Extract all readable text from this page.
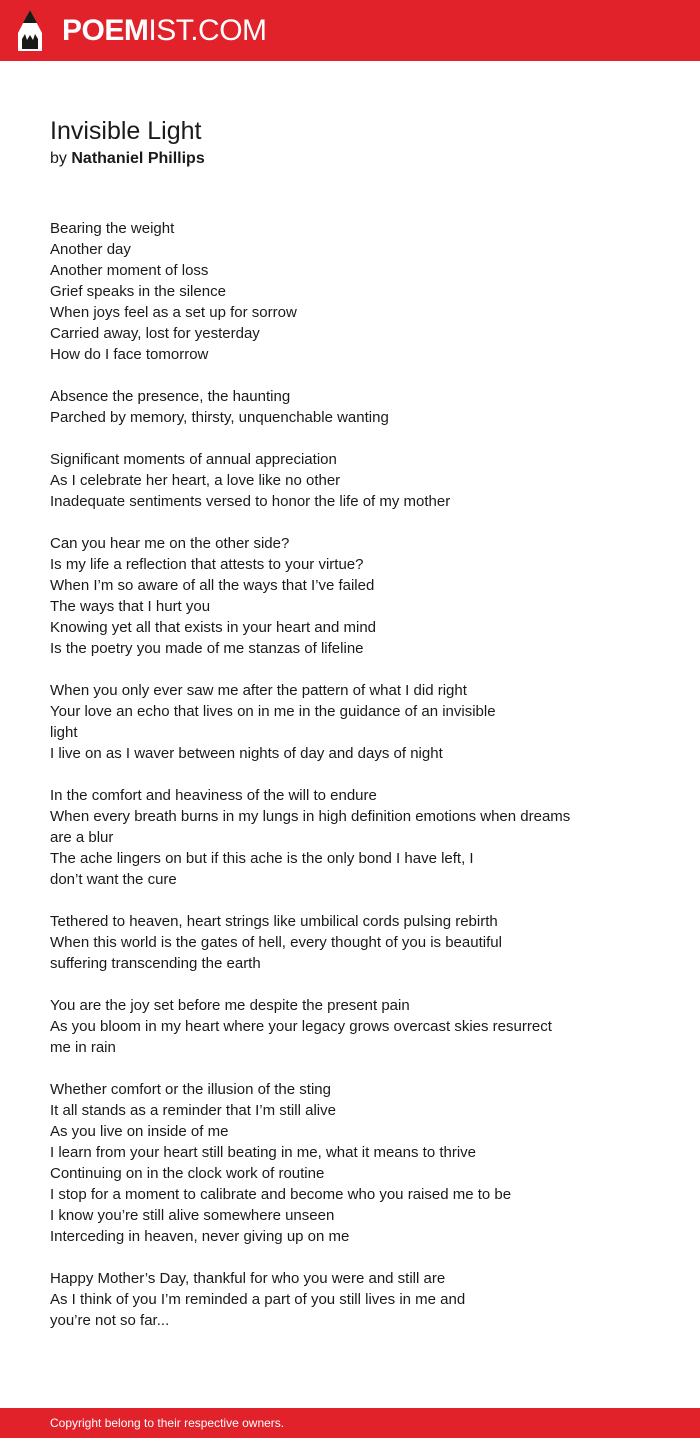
POEMIST.COM
Invisible Light
by Nathaniel Phillips
Bearing the weight
Another day
Another moment of loss
Grief speaks in the silence
When joys feel as a set up for sorrow
Carried away, lost for yesterday
How do I face tomorrow
Absence the presence, the haunting
Parched by memory, thirsty, unquenchable wanting
Significant moments of annual appreciation
As I celebrate her heart, a love like no other
Inadequate sentiments versed to honor the life of my mother
Can you hear me on the other side?
Is my life a reflection that attests to your virtue?
When I’m so aware of all the ways that I’ve failed
The ways that I hurt you
Knowing yet all that exists in your heart and mind
Is the poetry you made of me stanzas of lifeline
When you only ever saw me after the pattern of what I did right
Your love an echo that lives on in me in the guidance of an invisible
light
I live on as I waver between nights of day and days of night
In the comfort and heaviness of the will to endure
When every breath burns in my lungs in high definition emotions when dreams
are a blur
The ache lingers on but if this ache is the only bond I have left, I
don’t want the cure
Tethered to heaven, heart strings like umbilical cords pulsing rebirth
When this world is the gates of hell, every thought of you is beautiful
suffering transcending the earth
You are the joy set before me despite the present pain
As you bloom in my heart where your legacy grows overcast skies resurrect
me in rain
Whether comfort or the illusion of the sting
It all stands as a reminder that I’m still alive
As you live on inside of me
I learn from your heart still beating in me, what it means to thrive
Continuing on in the clock work of routine
I stop for a moment to calibrate and become who you raised me to be
I know you’re still alive somewhere unseen
Interceding in heaven, never giving up on me
Happy Mother’s Day, thankful for who you were and still are
As I think of you I’m reminded a part of you still lives in me and
you’re not so far...
Copyright belong to their respective owners.
